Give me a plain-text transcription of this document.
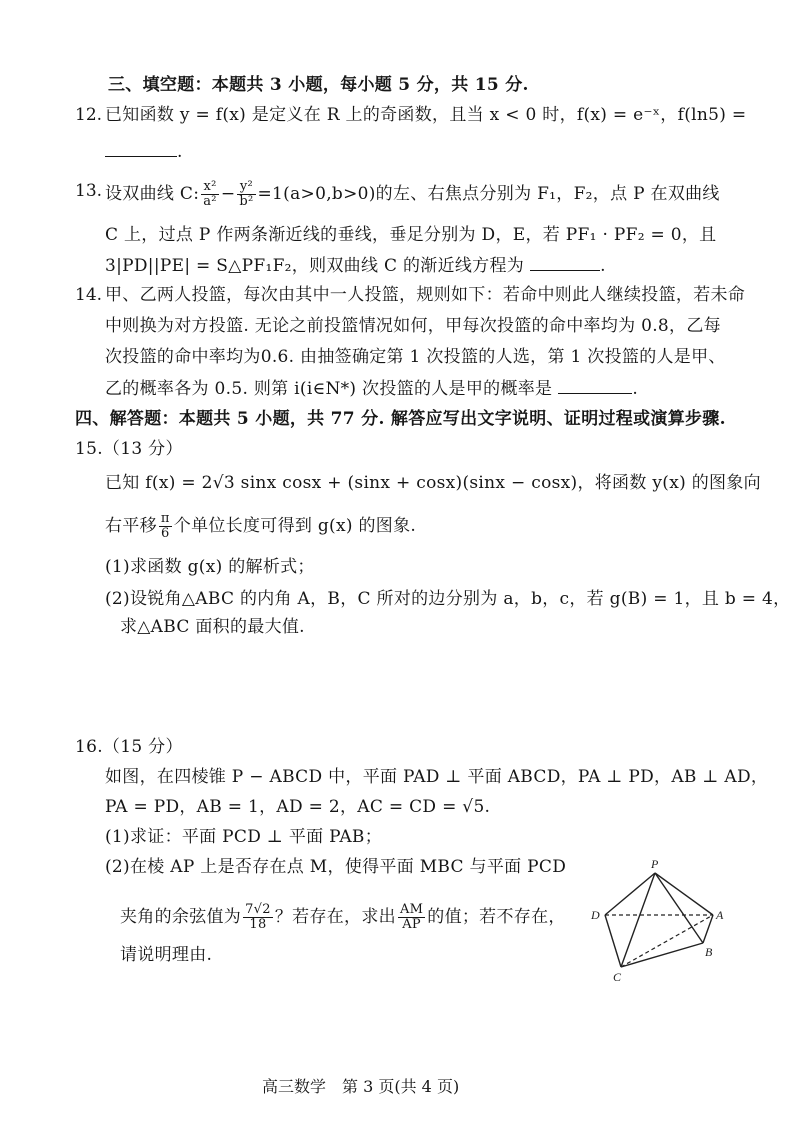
三、填空题：本题共 3 小题，每小题 5 分，共 15 分.
12. 已知函数 y = f(x) 是定义在 R 上的奇函数，且当 x < 0 时，f(x) = e⁻ˣ，f(ln5) =
.
13. 设双曲线 C: $\frac{\text{x²}}{\text{a²}} - \frac{\text{y²}}{\text{b²}} =1(a>0,b>0)$的左、右焦点分别为 F₁，F₂，点 P 在双曲线
C 上，过点 P 作两条渐近线的垂线，垂足分别为 D，E，若 PF₁ · PF₂ = 0，且
3|PD||PE| = S△PF₁F₂，则双曲线 C 的渐近线方程为	.
14. 甲、乙两人投篮，每次由其中一人投篮，规则如下：若命中则此人继续投篮，若未命
中则换为对方投篮. 无论之前投篮情况如何，甲每次投篮的命中率均为 0.8，乙每
次投篮的命中率均为0.6. 由抽签确定第 1 次投篮的人选，第 1 次投篮的人是甲、
乙的概率各为 0.5. 则第 i(i∈N*) 次投篮的人是甲的概率是	.
四、解答题：本题共 5 小题，共 77 分. 解答应写出文字说明、证明过程或演算步骤.
15.（13 分）
已知 f(x) = 2√3 sinx cosx + (sinx + cosx)(sinx − cosx)，将函数 y(x) 的图象向
右平移 $\frac{\pi}{6}$ 个单位长度可得到 g(x) 的图象.
(1)求函数 g(x) 的解析式；
(2)设锐角△ABC 的内角 A，B，C 所对的边分别为 a，b，c，若 g(B) = 1，且 b = 4，
求△ABC 面积的最大值.
16.（15 分）
如图，在四棱锥 P − ABCD 中，平面 PAD ⊥ 平面 ABCD，PA ⊥ PD，AB ⊥ AD，
PA = PD，AB = 1，AD = 2，AC = CD = √5.
(1)求证：平面 PCD ⊥ 平面 PAB；
(2)在棱 AP 上是否存在点 M，使得平面 MBC 与平面 PCD
夹角的余弦值为 $\frac{7√2}{18}$ ？若存在，求出 $\frac{AM}{AP}$ 的值；若不存在，
请说明理由.
P
D	A
B
C
高三数学　第 3 页(共 4 页)
